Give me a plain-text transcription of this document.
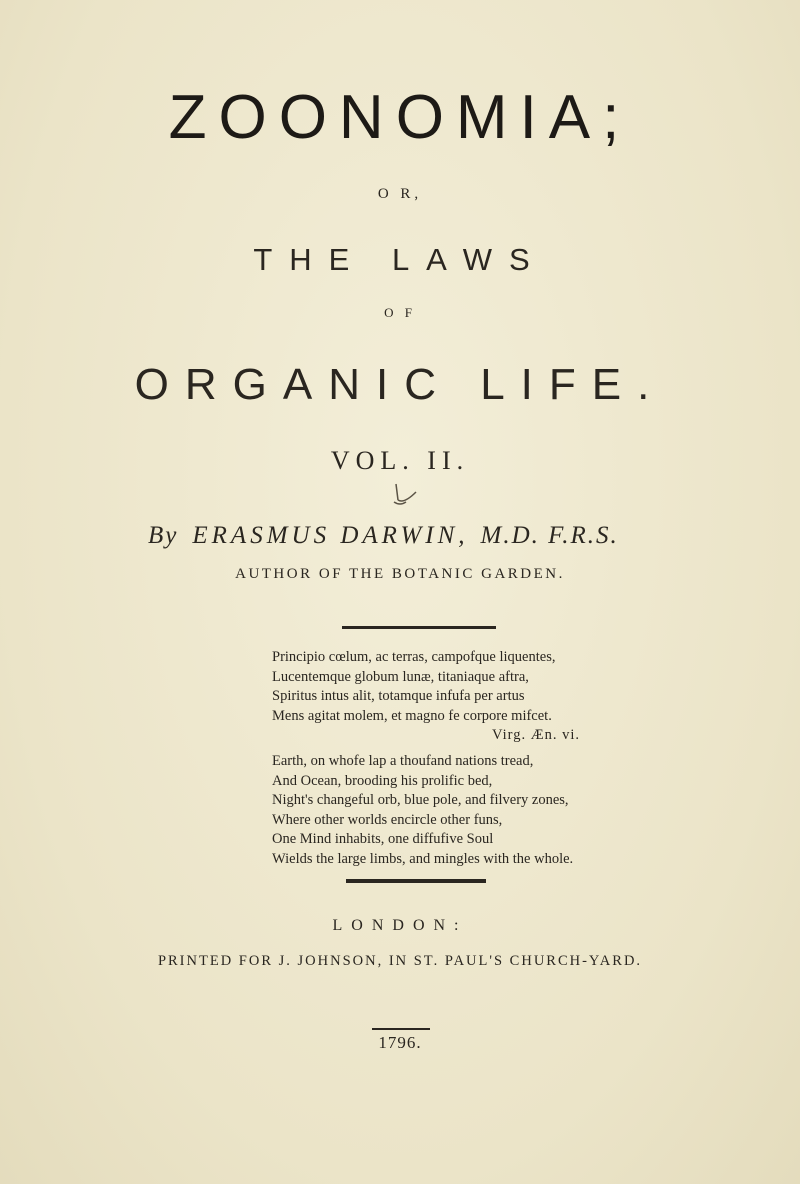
ZOONOMIA;
O R,
THE LAWS
O F
ORGANIC LIFE.
VOL. II.
By ERASMUS DARWIN, M.D. F.R.S.
AUTHOR OF THE BOTANIC GARDEN.

Principio cœlum, ac terras, campofque liquentes,

Lucentemque globum lunæ, titaniaque aftra,

Spiritus intus alit, totamque infufa per artus

Mens agitat molem, et magno fe corpore mifcet.

Virg. Æn. vi.

Earth, on whofe lap a thoufand nations tread,

And Ocean, brooding his prolific bed,

Night's changeful orb, blue pole, and filvery zones,

Where other worlds encircle other funs,

One Mind inhabits, one diffufive Soul

Wields the large limbs, and mingles with the whole.

LONDON:
PRINTED FOR J. JOHNSON, IN ST. PAUL'S CHURCH-YARD.
1796.
